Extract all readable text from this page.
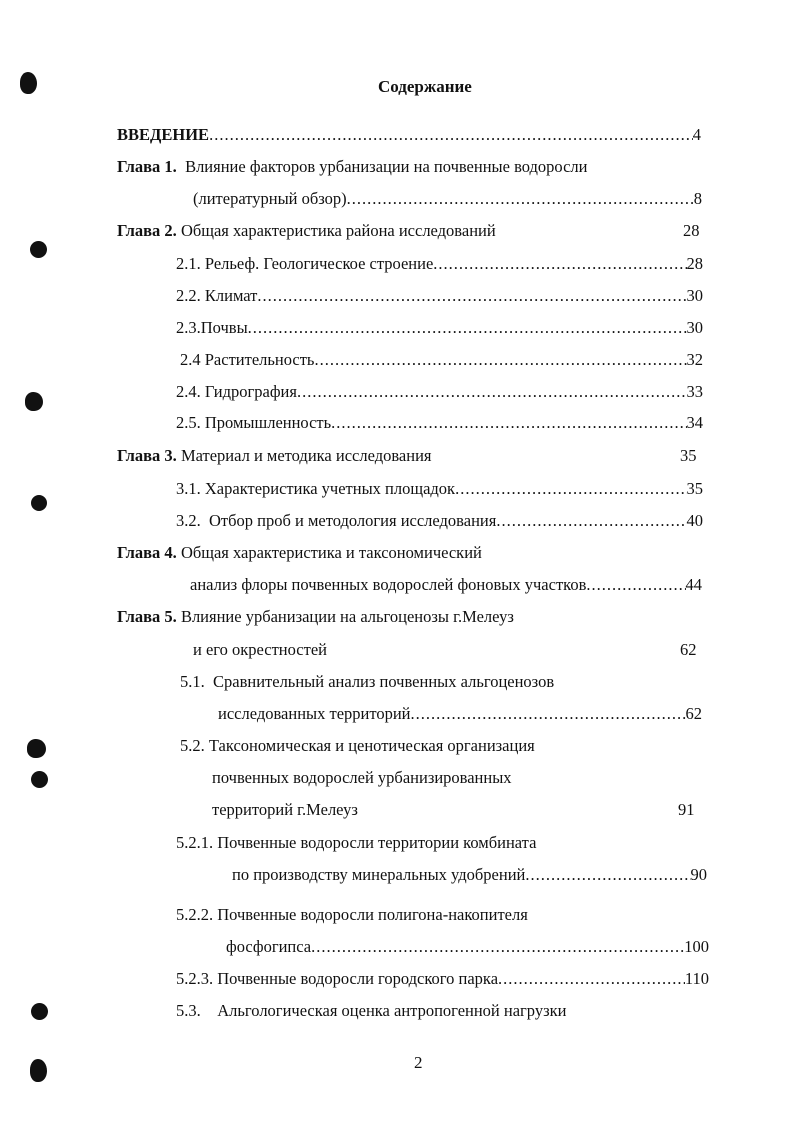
Содержание
ВВЕДЕНИЕ .....	4
Глава 1. Влияние факторов урбанизации на почвенные водоросли
(литературный обзор) .....	8
Глава 2. Общая характеристика района исследований	28
2.1. Рельеф. Геологическое строение .....	28
2.2. Климат .....	30
2.3.Почвы .....	30
2.4 Растительность .....	32
2.4. Гидрография .....	33
2.5. Промышленность .....	34
Глава 3. Материал и методика исследования	35
3.1. Характеристика учетных площадок .....	35
3.2. Отбор проб и методология исследования .....	40
Глава 4. Общая характеристика и таксономический
анализ флоры почвенных водорослей фоновых участков .....	44
Глава 5. Влияние урбанизации на альгоценозы г.Мелеуз
и его окрестностей	62
5.1. Сравнительный анализ почвенных альгоценозов
исследованных территорий .....	62
5.2. Таксономическая и ценотическая организация
почвенных водорослей урбанизированных
территорий г.Мелеуз	91
5.2.1. Почвенные водоросли территории комбината
по производству минеральных удобрений .....	90
5.2.2. Почвенные водоросли полигона-накопителя
фосфогипса .....	100
5.2.3. Почвенные водоросли городского парка .....	110
5.3. Альгологическая оценка антропогенной нагрузки
2
